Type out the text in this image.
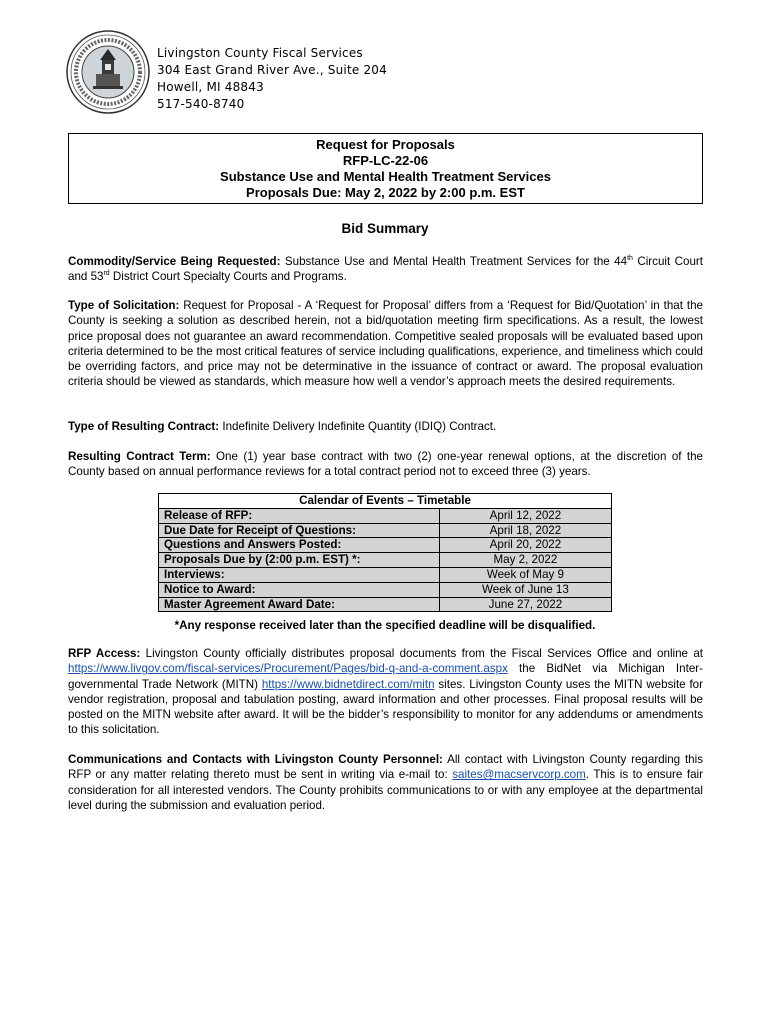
Livingston County Fiscal Services
304 East Grand River Ave., Suite 204
Howell, MI 48843
517-540-8740
Request for Proposals
RFP-LC-22-06
Substance Use and Mental Health Treatment Services
Proposals Due: May 2, 2022 by 2:00 p.m. EST
Bid Summary
Commodity/Service Being Requested: Substance Use and Mental Health Treatment Services for the 44th Circuit Court and 53rd District Court Specialty Courts and Programs.
Type of Solicitation: Request for Proposal - A ‘Request for Proposal’ differs from a ‘Request for Bid/Quotation’ in that the County is seeking a solution as described herein, not a bid/quotation meeting firm specifications. As a result, the lowest price proposal does not guarantee an award recommendation. Competitive sealed proposals will be evaluated based upon criteria determined to be the most critical features of service including qualifications, experience, and timeliness which could be overriding factors, and price may not be determinative in the issuance of contract or award. The proposal evaluation criteria should be viewed as standards, which measure how well a vendor’s approach meets the desired requirements.
Type of Resulting Contract: Indefinite Delivery Indefinite Quantity (IDIQ) Contract.
Resulting Contract Term: One (1) year base contract with two (2) one-year renewal options, at the discretion of the County based on annual performance reviews for a total contract period not to exceed three (3) years.
Calendar of Events – Timetable	
Release of RFP:	April 12, 2022
Due Date for Receipt of Questions:	April 18, 2022
Questions and Answers Posted:	April 20, 2022
Proposals Due by (2:00 p.m. EST) *:	May 2, 2022
Interviews:	Week of May 9
Notice to Award:	Week of June 13
Master Agreement Award Date:	June 27, 2022
*Any response received later than the specified deadline will be disqualified.
RFP Access: Livingston County officially distributes proposal documents from the Fiscal Services Office and online at https://www.livgov.com/fiscal-services/Procurement/Pages/bid-q-and-a-comment.aspx the BidNet via Michigan Inter-governmental Trade Network (MITN) https://www.bidnetdirect.com/mitn sites. Livingston County uses the MITN website for vendor registration, proposal and tabulation posting, award information and other processes. Final proposal results will be posted on the MITN website after award. It will be the bidder’s responsibility to monitor for any addendums or amendments to this solicitation.
Communications and Contacts with Livingston County Personnel: All contact with Livingston County regarding this RFP or any matter relating thereto must be sent in writing via e-mail to: saites@macservcorp.com. This is to ensure fair consideration for all interested vendors. The County prohibits communications to or with any employee at the departmental level during the submission and evaluation period.
